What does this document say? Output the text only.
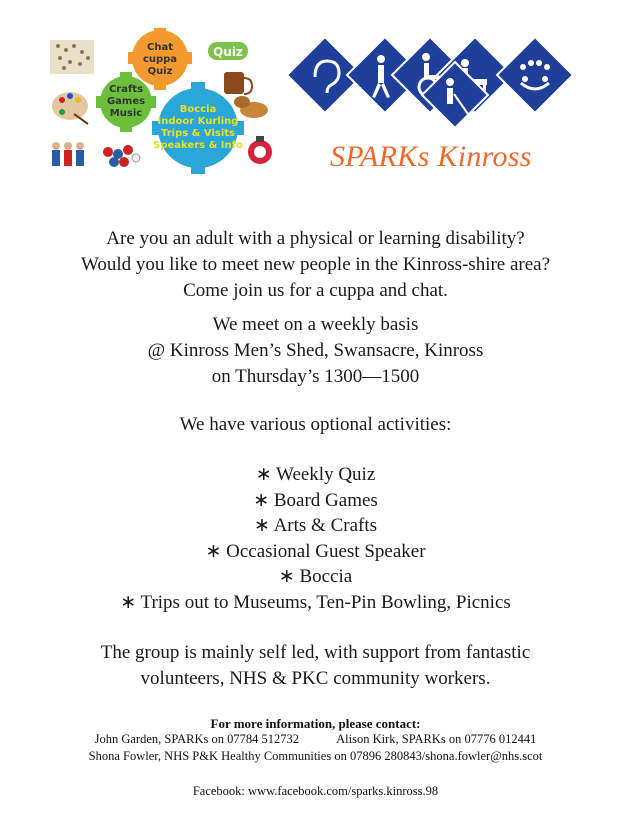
Chat
cuppa
Quiz
Crafts
Games
Music	Boccia
Indoor Kurling
Trips & Visits
Speakers & Info
Quiz
SPARKs Kinross

Are you an adult with a physical or learning disability?

Would you like to meet new people in the Kinross-shire area?

Come join us for a cuppa and chat.

We meet on a weekly basis

@ Kinross Men’s Shed, Swansacre, Kinross

on Thursday’s 1300—1500

We have various optional activities:

∗ Weekly Quiz

∗ Board Games

∗ Arts & Crafts

∗ Occasional Guest Speaker

∗ Boccia

∗ Trips out to Museums, Ten-Pin Bowling, Picnics

The group is mainly self led, with support from fantastic

volunteers, NHS & PKC community workers.

For more information, please contact:
John Garden, SPARKs on 07784 512732	Alison Kirk, SPARKs on 07776 012441
Shona Fowler, NHS P&K Healthy Communities on 07896 280843/shona.fowler@nhs.scot
Facebook: www.facebook.com/sparks.kinross.98
